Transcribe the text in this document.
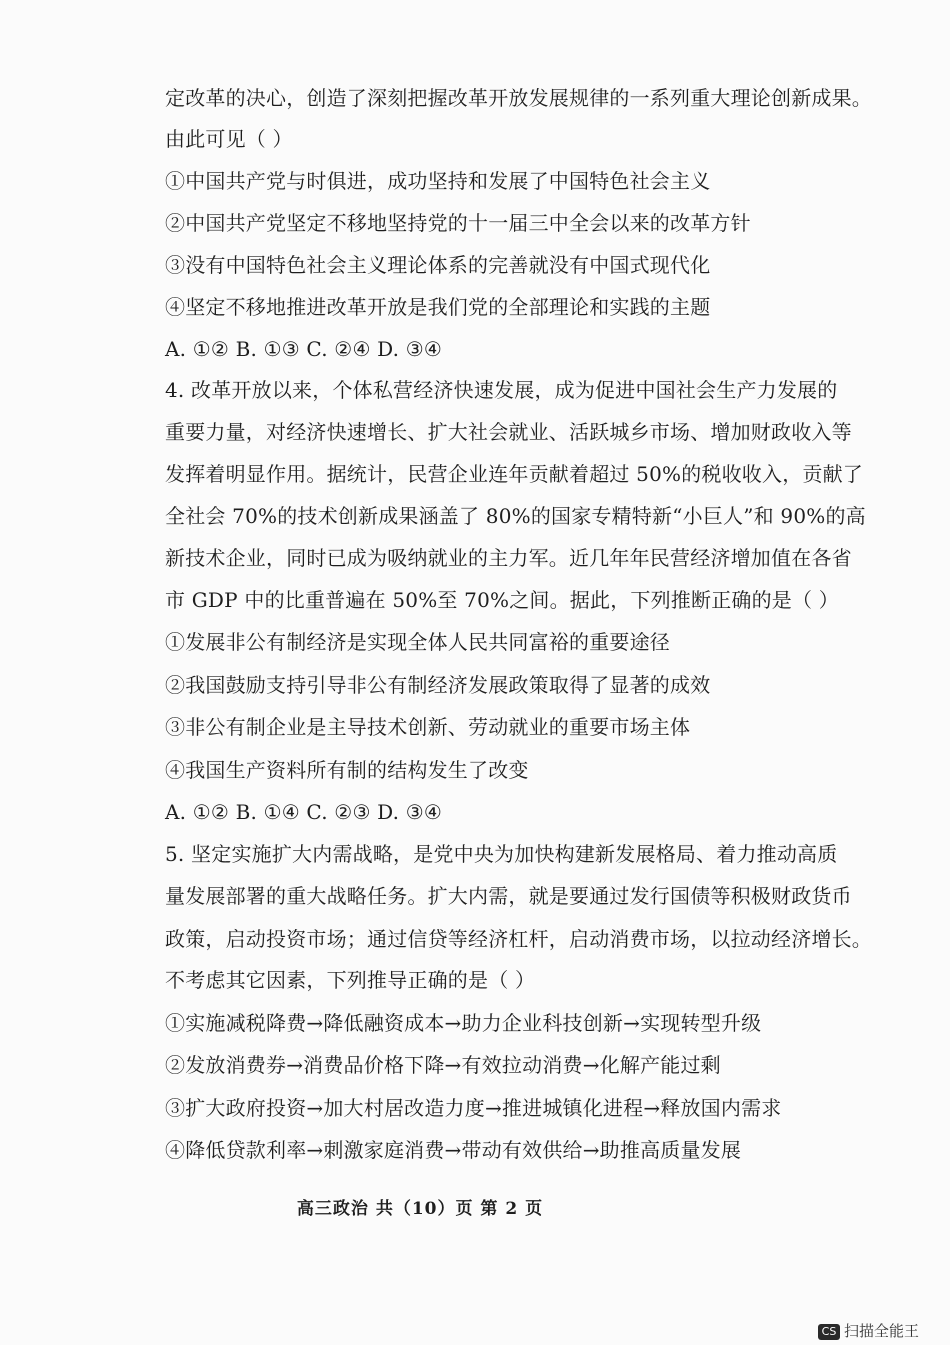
定改革的决心，创造了深刻把握改革开放发展规律的一系列重大理论创新成果。
由此可见（ ）
①中国共产党与时俱进，成功坚持和发展了中国特色社会主义
②中国共产党坚定不移地坚持党的十一届三中全会以来的改革方针
③没有中国特色社会主义理论体系的完善就没有中国式现代化
④坚定不移地推进改革开放是我们党的全部理论和实践的主题
A. ①② B. ①③ C. ②④ D. ③④
4. 改革开放以来，个体私营经济快速发展，成为促进中国社会生产力发展的
重要力量，对经济快速增长、扩大社会就业、活跃城乡市场、增加财政收入等
发挥着明显作用。据统计，民营企业连年贡献着超过 50%的税收收入，贡献了
全社会 70%的技术创新成果涵盖了 80%的国家专精特新“小巨人”和 90%的高
新技术企业，同时已成为吸纳就业的主力军。近几年年民营经济增加值在各省
市 GDP 中的比重普遍在 50%至 70%之间。据此，下列推断正确的是（ ）
①发展非公有制经济是实现全体人民共同富裕的重要途径
②我国鼓励支持引导非公有制经济发展政策取得了显著的成效
③非公有制企业是主导技术创新、劳动就业的重要市场主体
④我国生产资料所有制的结构发生了改变
A. ①② B. ①④ C. ②③ D. ③④
5. 坚定实施扩大内需战略，是党中央为加快构建新发展格局、着力推动高质
量发展部署的重大战略任务。扩大内需，就是要通过发行国债等积极财政货币
政策，启动投资市场；通过信贷等经济杠杆，启动消费市场，以拉动经济增长。
不考虑其它因素，下列推导正确的是（ ）
①实施减税降费→降低融资成本→助力企业科技创新→实现转型升级
②发放消费券→消费品价格下降→有效拉动消费→化解产能过剩
③扩大政府投资→加大村居改造力度→推进城镇化进程→释放国内需求
④降低贷款利率→刺激家庭消费→带动有效供给→助推高质量发展
高三政治 共（10）页 第 2 页
CS 扫描全能王
